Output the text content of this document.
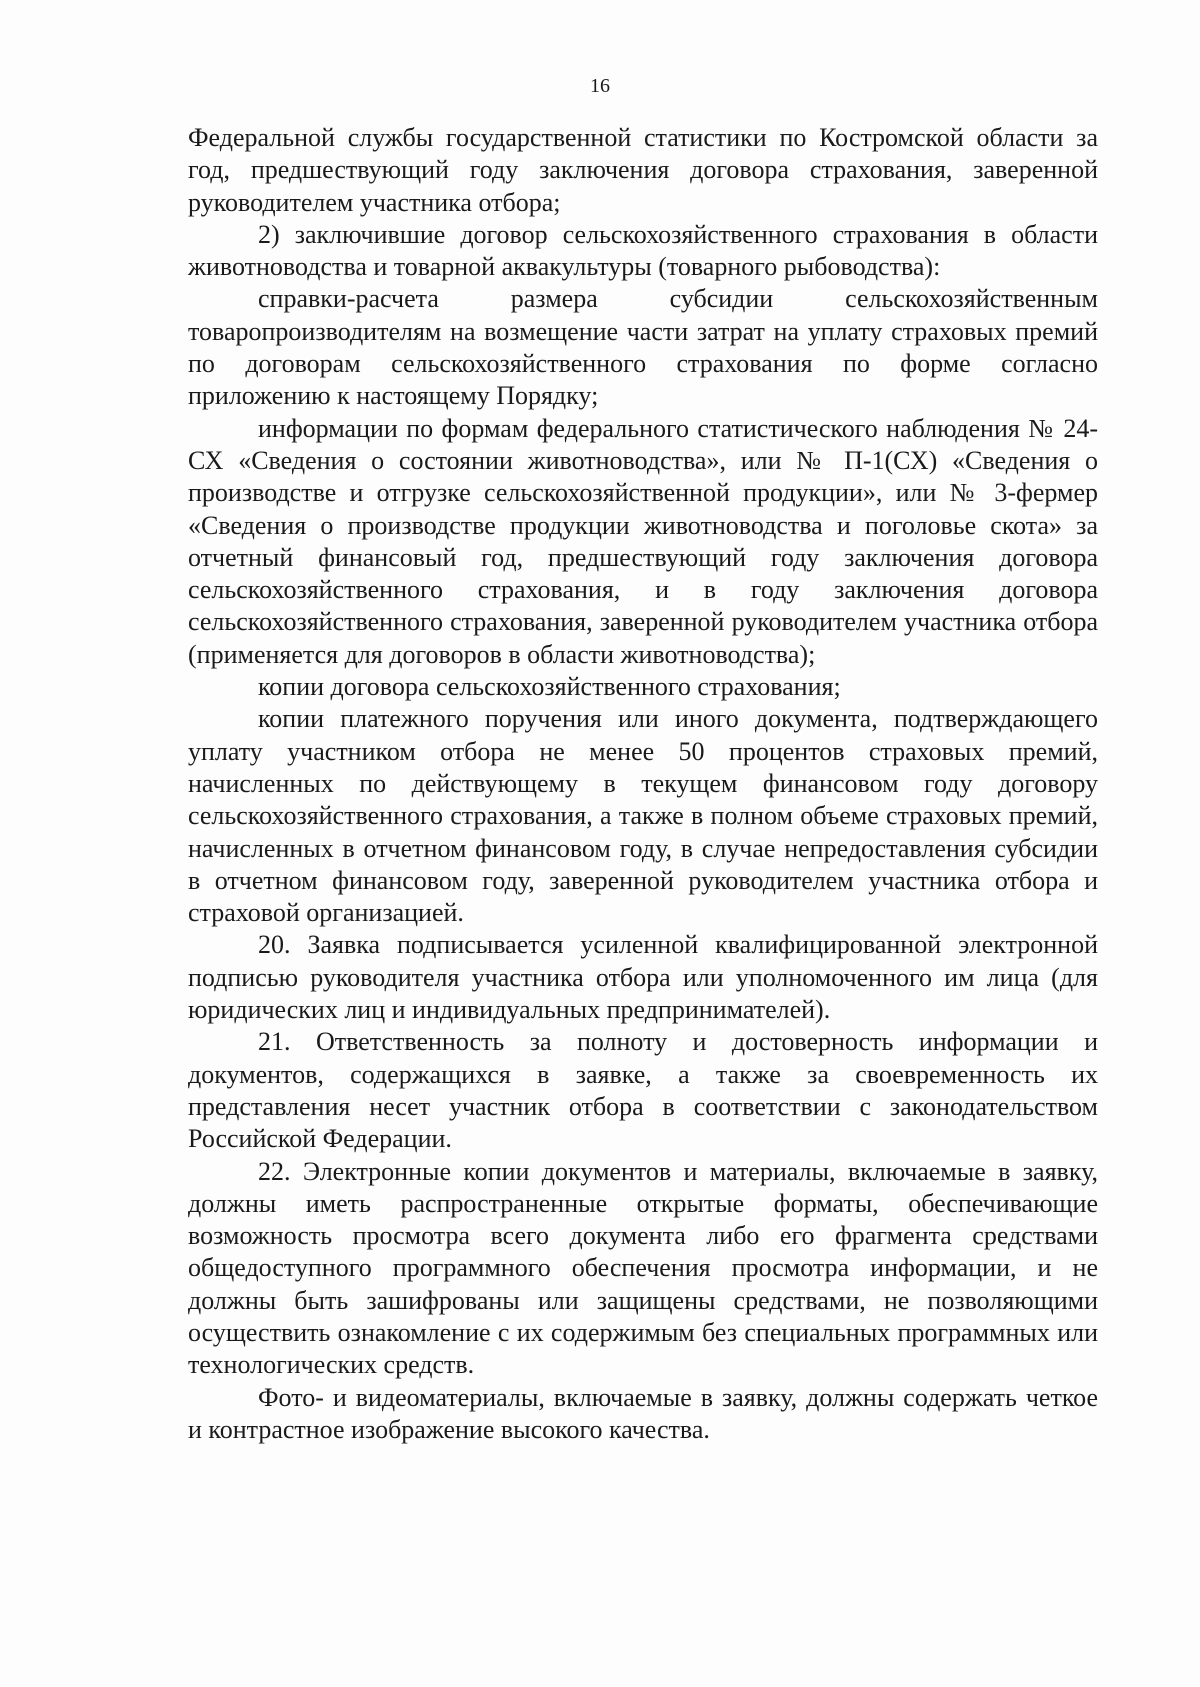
16

Федеральной службы государственной статистики по Костромской области за год, предшествующий году заключения договора страхования, заверенной руководителем участника отбора;

2) заключившие договор сельскохозяйственного страхования в области животноводства и товарной аквакультуры (товарного рыбоводства):

справки-расчета размера субсидии сельскохозяйственным товаропроизводителям на возмещение части затрат на уплату страховых премий по договорам сельскохозяйственного страхования по форме согласно приложению к настоящему Порядку;

информации по формам федерального статистического наблюдения № 24-СХ «Сведения о состоянии животноводства», или № П-1(СХ) «Сведения о производстве и отгрузке сельскохозяйственной продукции», или № 3-фермер «Сведения о производстве продукции животноводства и поголовье скота» за отчетный финансовый год, предшествующий году заключения договора сельскохозяйственного страхования, и в году заключения договора сельскохозяйственного страхования, заверенной руководителем участника отбора (применяется для договоров в области животноводства);

копии договора сельскохозяйственного страхования;

копии платежного поручения или иного документа, подтверждающего уплату участником отбора не менее 50 процентов страховых премий, начисленных по действующему в текущем финансовом году договору сельскохозяйственного страхования, а также в полном объеме страховых премий, начисленных в отчетном финансовом году, в случае непредоставления субсидии в отчетном финансовом году, заверенной руководителем участника отбора и страховой организацией.

20. Заявка подписывается усиленной квалифицированной электронной подписью руководителя участника отбора или уполномоченного им лица (для юридических лиц и индивидуальных предпринимателей).

21. Ответственность за полноту и достоверность информации и документов, содержащихся в заявке, а также за своевременность их представления несет участник отбора в соответствии с законодательством Российской Федерации.

22. Электронные копии документов и материалы, включаемые в заявку, должны иметь распространенные открытые форматы, обеспечивающие возможность просмотра всего документа либо его фрагмента средствами общедоступного программного обеспечения просмотра информации, и не должны быть зашифрованы или защищены средствами, не позволяющими осуществить ознакомление с их содержимым без специальных программных или технологических средств.

Фото- и видеоматериалы, включаемые в заявку, должны содержать четкое и контрастное изображение высокого качества.
